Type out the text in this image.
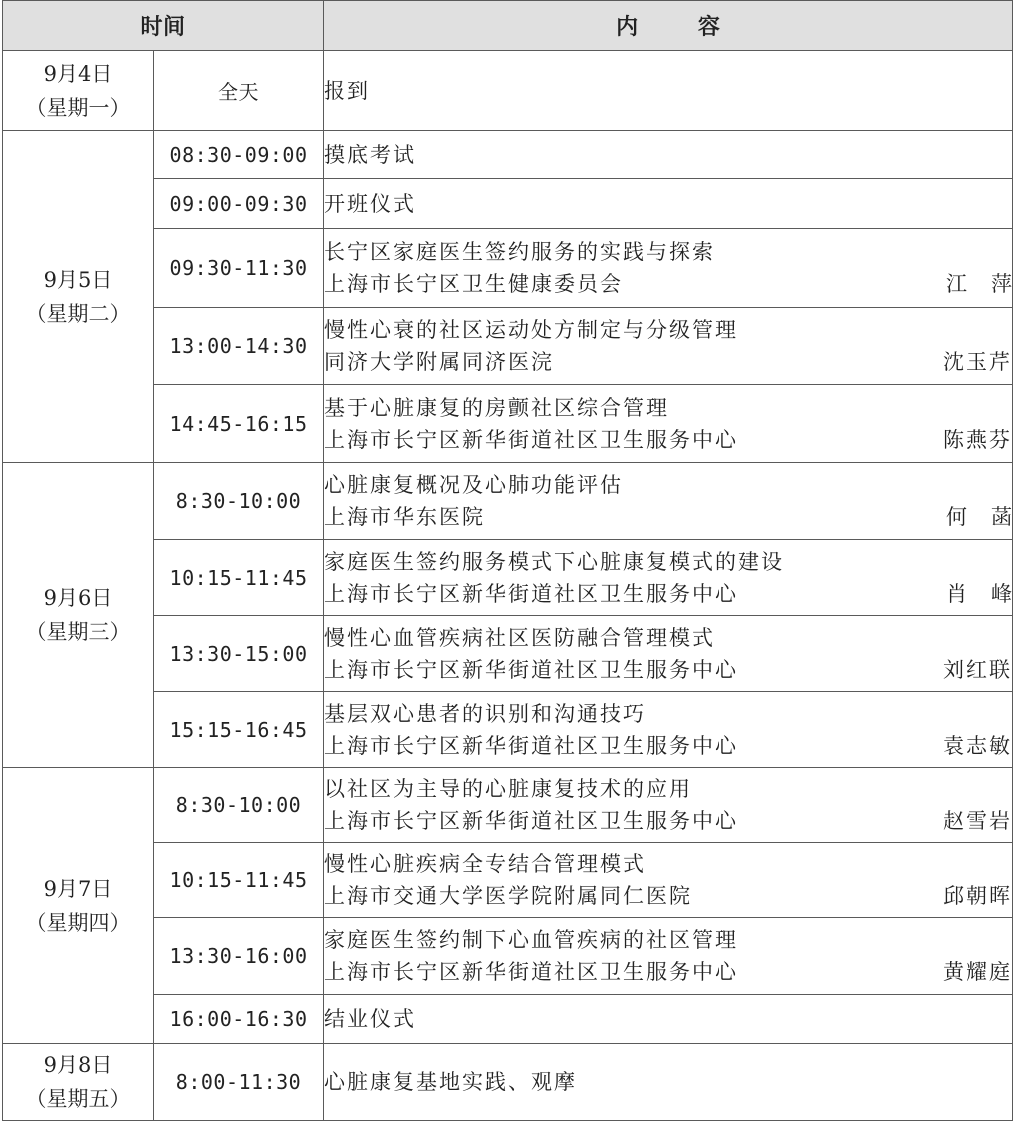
时间		内 容

9月4日
（星期一）	全天	报到

9月5日
（星期二）	08:30-09:00	摸底考试

	09:00-09:30	开班仪式

	09:30-11:30	长宁区家庭医生签约服务的实践与探索
上海市长宁区卫生健康委员会 江萍

	13:00-14:30	慢性心衰的社区运动处方制定与分级管理
同济大学附属同济医浣 沈玉芹

	14:45-16:15	基于心脏康复的房颤社区综合管理
上海市长宁区新华街道社区卫生服务中心 陈燕芬

9月6日
（星期三）	8:30-10:00	心脏康复概况及心肺功能评估
上海市华东医院 何菡

	10:15-11:45	家庭医生签约服务模式下心脏康复模式的建设
上海市长宁区新华街道社区卫生服务中心 肖峰

	13:30-15:00	慢性心血管疾病社区医防融合管理模式
上海市长宁区新华街道社区卫生服务中心 刘红联

	15:15-16:45	基层双心患者的识别和沟通技巧
上海市长宁区新华街道社区卫生服务中心 袁志敏

9月7日
（星期四）	8:30-10:00	以社区为主导的心脏康复技术的应用
上海市长宁区新华街道社区卫生服务中心 赵雪岩

	10:15-11:45	慢性心脏疾病全专结合管理模式
上海市交通大学医学院附属同仁医院 邱朝晖

	13:30-16:00	家庭医生签约制下心血管疾病的社区管理
上海市长宁区新华街道社区卫生服务中心 黄耀庭

	16:00-16:30	结业仪式

9月8日
（星期五）	8:00-11:30	心脏康复基地实践、观摩
